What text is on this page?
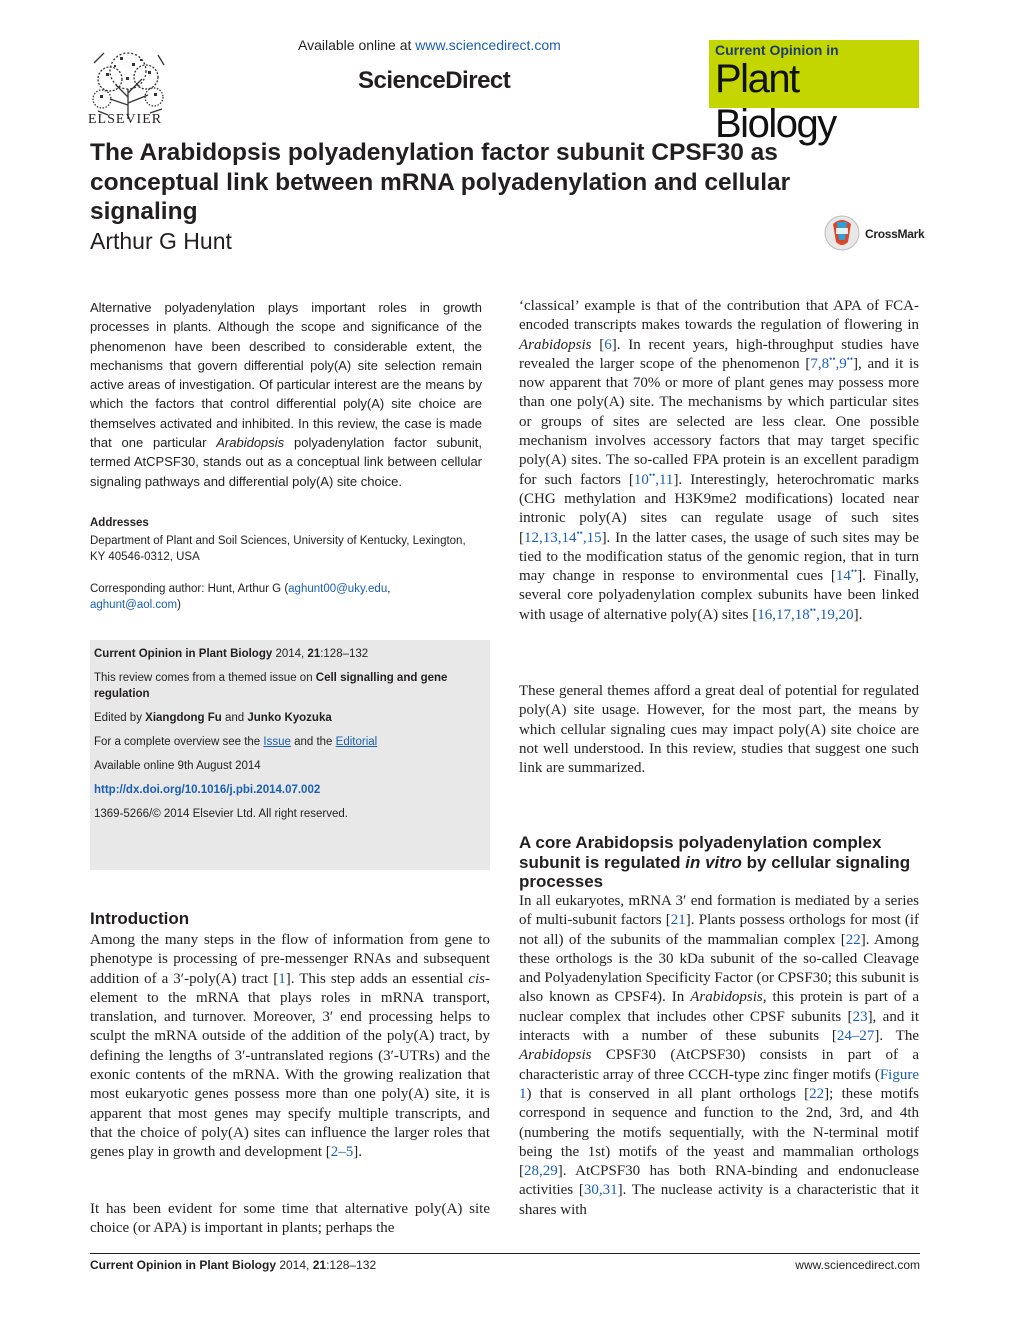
ELSEVIER
Available online at www.sciencedirect.com
ScienceDirect
Current Opinion in
Plant Biology
The Arabidopsis polyadenylation factor subunit CPSF30 as conceptual link between mRNA polyadenylation and cellular signaling
Arthur G Hunt	CrossMark
Alternative polyadenylation plays important roles in growth processes in plants. Although the scope and significance of the phenomenon have been described to considerable extent, the mechanisms that govern differential poly(A) site selection remain active areas of investigation. Of particular interest are the means by which the factors that control differential poly(A) site choice are themselves activated and inhibited. In this review, the case is made that one particular Arabidopsis polyadenylation factor subunit, termed AtCPSF30, stands out as a conceptual link between cellular signaling pathways and differential poly(A) site choice.
Addresses
Department of Plant and Soil Sciences, University of Kentucky, Lexington, KY 40546-0312, USA
Corresponding author: Hunt, Arthur G (aghunt00@uky.edu,
aghunt@aol.com)

Current Opinion in Plant Biology 2014, 21:128–132

This review comes from a themed issue on Cell signalling and gene regulation

Edited by Xiangdong Fu and Junko Kyozuka

For a complete overview see the Issue and the Editorial

Available online 9th August 2014

http://dx.doi.org/10.1016/j.pbi.2014.07.002

1369-5266/© 2014 Elsevier Ltd. All right reserved.

Introduction

Among the many steps in the flow of information from gene to phenotype is processing of pre-messenger RNAs and subsequent addition of a 3′-poly(A) tract [1]. This step adds an essential cis-element to the mRNA that plays roles in mRNA transport, translation, and turnover. Moreover, 3′ end processing helps to sculpt the mRNA outside of the addition of the poly(A) tract, by defining the lengths of 3′-untranslated regions (3′-UTRs) and the exonic contents of the mRNA. With the growing realization that most eukaryotic genes possess more than one poly(A) site, it is apparent that most genes may specify multiple transcripts, and that the choice of poly(A) sites can influence the larger roles that genes play in growth and development [2–5].

It has been evident for some time that alternative poly(A) site choice (or APA) is important in plants; perhaps the

‘classical’ example is that of the contribution that APA of FCA-encoded transcripts makes towards the regulation of flowering in Arabidopsis [6]. In recent years, high-throughput studies have revealed the larger scope of the phenomenon [7,8••,9••], and it is now apparent that 70% or more of plant genes may possess more than one poly(A) site. The mechanisms by which particular sites or groups of sites are selected are less clear. One possible mechanism involves accessory factors that may target specific poly(A) sites. The so-called FPA protein is an excellent paradigm for such factors [10••,11]. Interestingly, heterochromatic marks (CHG methylation and H3K9me2 modifications) located near intronic poly(A) sites can regulate usage of such sites [12,13,14••,15]. In the latter cases, the usage of such sites may be tied to the modification status of the genomic region, that in turn may change in response to environmental cues [14••]. Finally, several core polyadenylation complex subunits have been linked with usage of alternative poly(A) sites [16,17,18••,19,20].

These general themes afford a great deal of potential for regulated poly(A) site usage. However, for the most part, the means by which cellular signaling cues may impact poly(A) site choice are not well understood. In this review, studies that suggest one such link are summarized.

A core Arabidopsis polyadenylation complex subunit is regulated in vitro by cellular signaling processes

In all eukaryotes, mRNA 3′ end formation is mediated by a series of multi-subunit factors [21]. Plants possess orthologs for most (if not all) of the subunits of the mammalian complex [22]. Among these orthologs is the 30 kDa subunit of the so-called Cleavage and Polyadenylation Specificity Factor (or CPSF30; this subunit is also known as CPSF4). In Arabidopsis, this protein is part of a nuclear complex that includes other CPSF subunits [23], and it interacts with a number of these subunits [24–27]. The Arabidopsis CPSF30 (AtCPSF30) consists in part of a characteristic array of three CCCH-type zinc finger motifs (Figure 1) that is conserved in all plant orthologs [22]; these motifs correspond in sequence and function to the 2nd, 3rd, and 4th (numbering the motifs sequentially, with the N-terminal motif being the 1st) motifs of the yeast and mammalian orthologs [28,29]. AtCPSF30 has both RNA-binding and endonuclease activities [30,31]. The nuclease activity is a characteristic that it shares with

Current Opinion in Plant Biology 2014, 21:128–132	www.sciencedirect.com
